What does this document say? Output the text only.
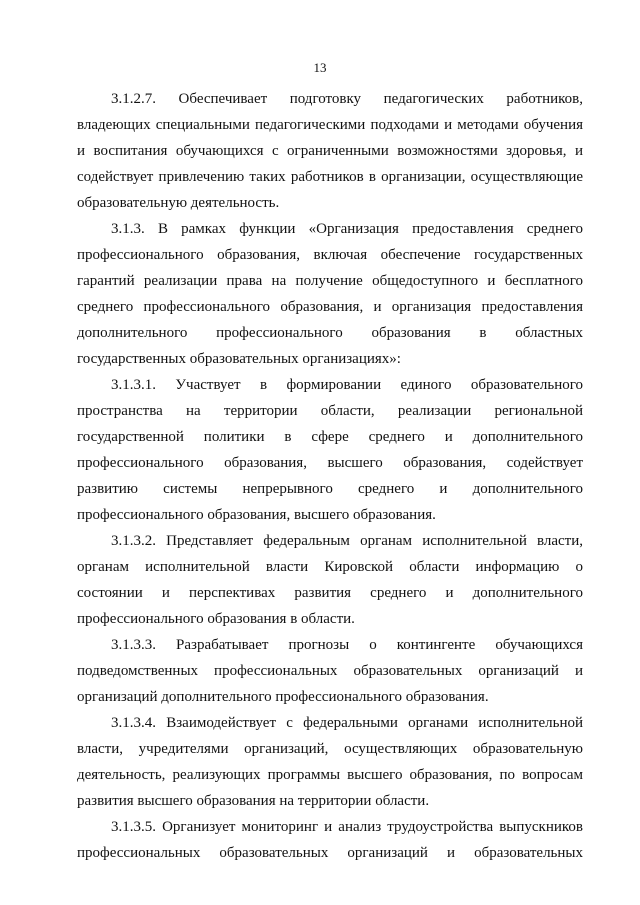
13
3.1.2.7. Обеспечивает подготовку педагогических работников,
владеющих специальными педагогическими подходами и методами обучения
и воспитания обучающихся с ограниченными возможностями здоровья, и
содействует привлечению таких работников в организации, осуществляющие
образовательную деятельность.
3.1.3. В рамках функции «Организация предоставления среднего
профессионального образования, включая обеспечение государственных
гарантий реализации права на получение общедоступного и бесплатного
среднего профессионального образования, и организация предоставления
дополнительного профессионального образования в областных
государственных образовательных организациях»:
3.1.3.1. Участвует в формировании единого образовательного
пространства на территории области, реализации региональной
государственной политики в сфере среднего и дополнительного
профессионального образования, высшего образования, содействует
развитию системы непрерывного среднего и дополнительного
профессионального образования, высшего образования.
3.1.3.2. Представляет федеральным органам исполнительной власти,
органам исполнительной власти Кировской области информацию о
состоянии и перспективах развития среднего и дополнительного
профессионального образования в области.
3.1.3.3. Разрабатывает прогнозы о контингенте обучающихся
подведомственных профессиональных образовательных организаций и
организаций дополнительного профессионального образования.
3.1.3.4. Взаимодействует с федеральными органами исполнительной
власти, учредителями организаций, осуществляющих образовательную
деятельность, реализующих программы высшего образования, по вопросам
развития высшего образования на территории области.
3.1.3.5. Организует мониторинг и анализ трудоустройства выпускников
профессиональных образовательных организаций и образовательных
